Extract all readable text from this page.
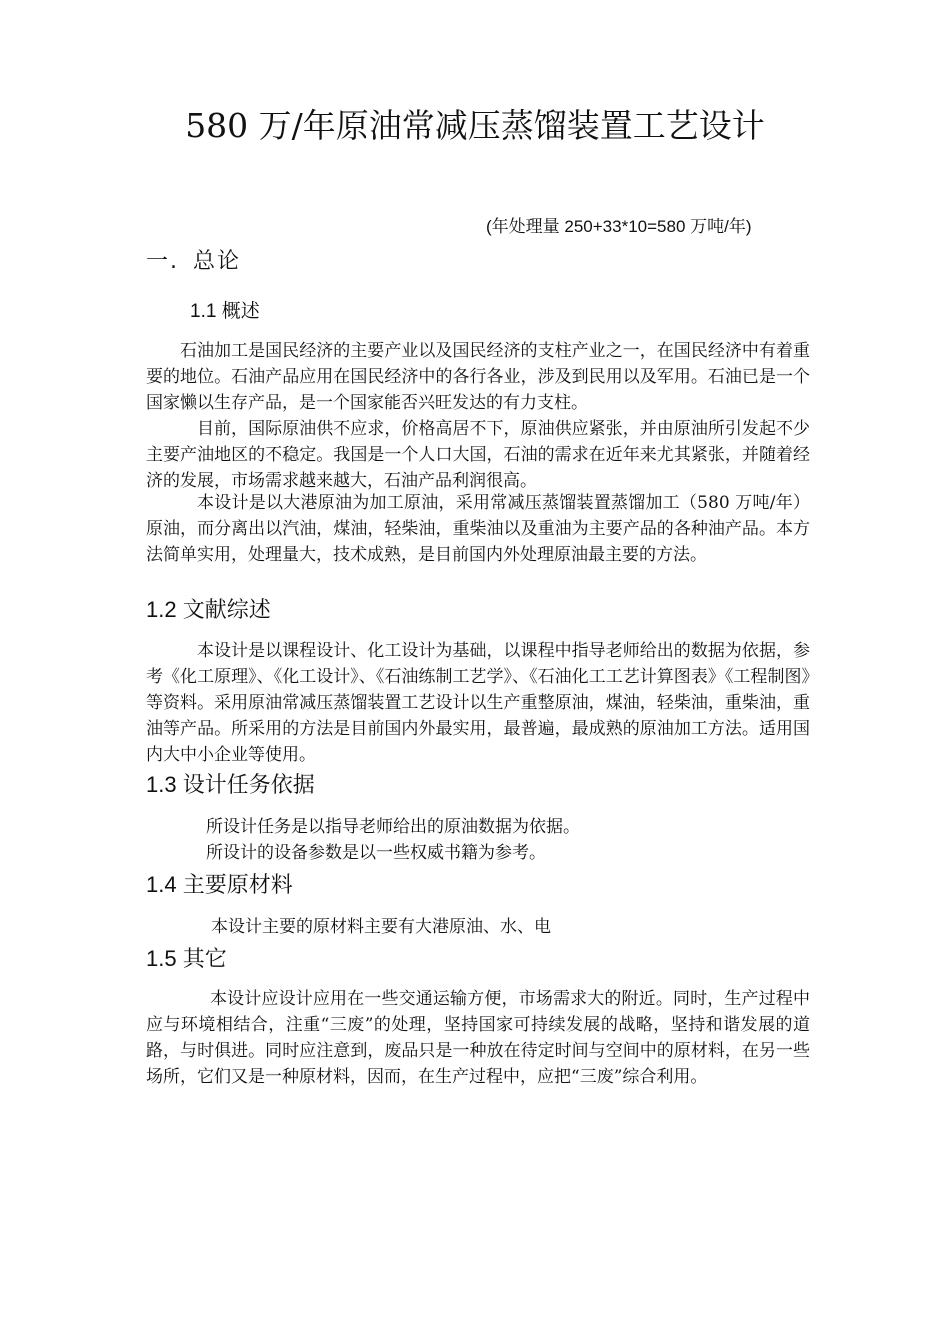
580 万/年原油常减压蒸馏装置工艺设计
(年处理量 250+33*10=580 万吨/年)
一. 总论
1.1 概述

石油加工是国民经济的主要产业以及国民经济的支柱产业之一，在国民经济中有着重要的地位。石油产品应用在国民经济中的各行各业，涉及到民用以及军用。石油已是一个国家懒以生存产品，是一个国家能否兴旺发达的有力支柱。

目前，国际原油供不应求，价格高居不下，原油供应紧张，并由原油所引发起不少主要产油地区的不稳定。我国是一个人口大国，石油的需求在近年来尤其紧张，并随着经济的发展，市场需求越来越大，石油产品利润很高。

本设计是以大港原油为加工原油，采用常减压蒸馏装置蒸馏加工（580 万吨/年）原油，而分离出以汽油，煤油，轻柴油，重柴油以及重油为主要产品的各种油产品。本方法简单实用，处理量大，技术成熟，是目前国内外处理原油最主要的方法。

1.2 文献综述

本设计是以课程设计、化工设计为基础，以课程中指导老师给出的数据为依据，参考《化工原理》、《化工设计》、《石油练制工艺学》、《石油化工工艺计算图表》《工程制图》等资料。采用原油常减压蒸馏装置工艺设计以生产重整原油，煤油，轻柴油，重柴油，重油等产品。所采用的方法是目前国内外最实用，最普遍，最成熟的原油加工方法。适用国内大中小企业等使用。

1.3 设计任务依据

所设计任务是以指导老师给出的原油数据为依据。

所设计的设备参数是以一些权威书籍为参考。

1.4 主要原材料

本设计主要的原材料主要有大港原油、水、电

1.5 其它

本设计应设计应用在一些交通运输方便，市场需求大的附近。同时，生产过程中应与环境相结合，注重“三废”的处理，坚持国家可持续发展的战略，坚持和谐发展的道路，与时俱进。同时应注意到，废品只是一种放在待定时间与空间中的原材料，在另一些场所，它们又是一种原材料，因而，在生产过程中，应把“三废”综合利用。
